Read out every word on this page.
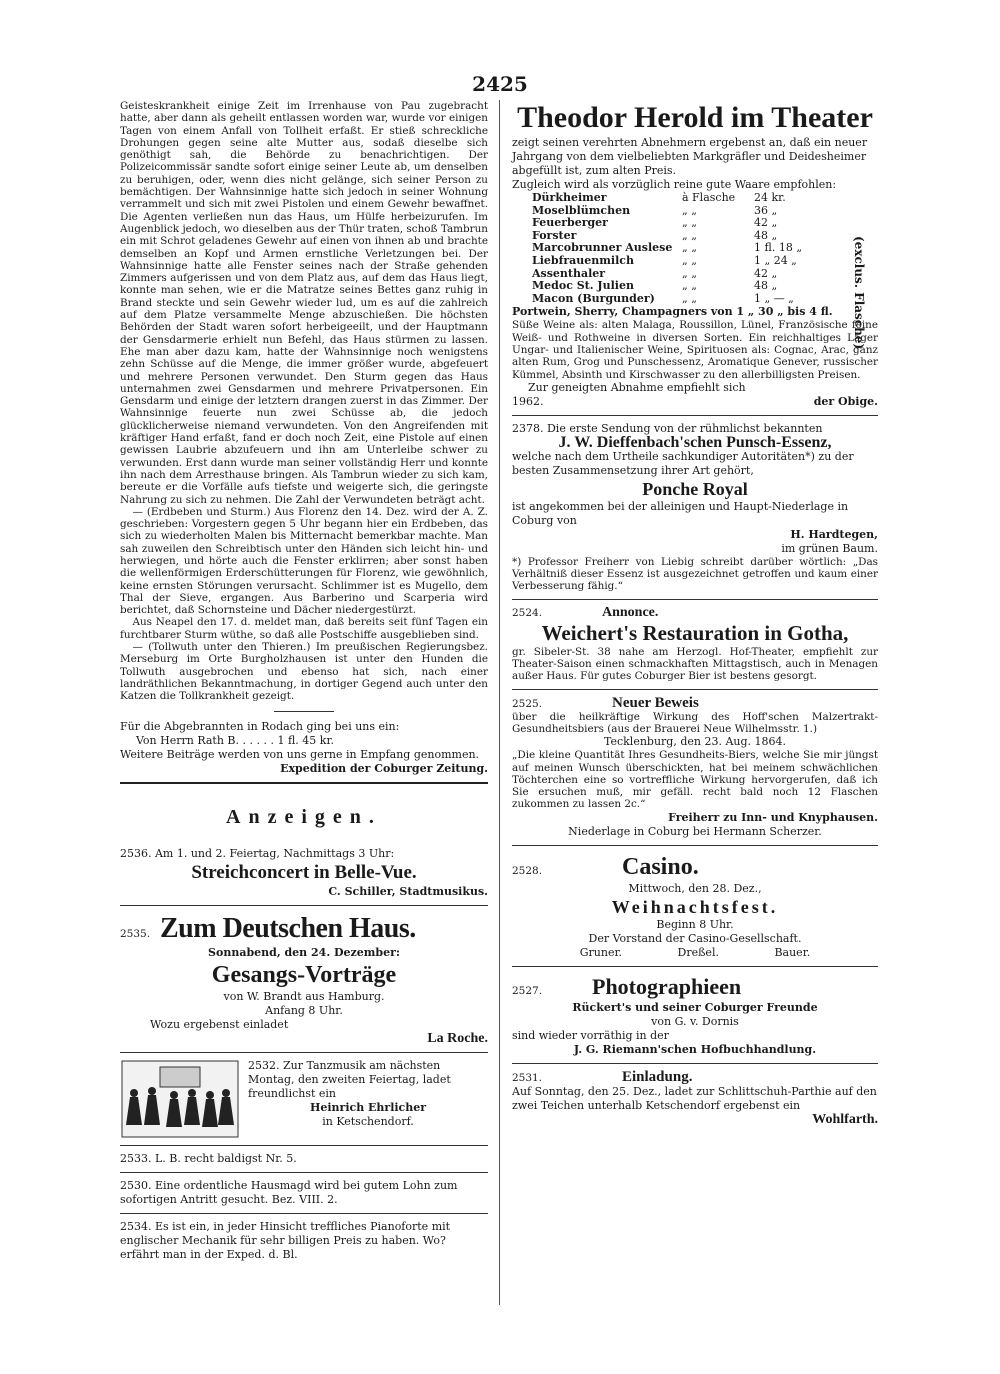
2425

Geisteskrankheit einige Zeit im Irrenhause von Pau zugebracht hatte, aber dann als geheilt entlassen worden war, wurde vor einigen Tagen von einem Anfall von Tollheit erfaßt. Er stieß schreckliche Drohungen gegen seine alte Mutter aus, sodaß dieselbe sich genöthigt sah, die Behörde zu benachrichtigen. Der Polizeicommissär sandte sofort einige seiner Leute ab, um denselben zu beruhigen, oder, wenn dies nicht gelänge, sich seiner Person zu bemächtigen. Der Wahnsinnige hatte sich jedoch in seiner Wohnung verrammelt und sich mit zwei Pistolen und einem Gewehr bewaffnet. Die Agenten verließen nun das Haus, um Hülfe herbeizurufen. Im Augenblick jedoch, wo dieselben aus der Thür traten, schoß Tambrun ein mit Schrot geladenes Gewehr auf einen von ihnen ab und brachte demselben an Kopf und Armen ernstliche Verletzungen bei. Der Wahnsinnige hatte alle Fenster seines nach der Straße gehenden Zimmers aufgerissen und von dem Platz aus, auf dem das Haus liegt, konnte man sehen, wie er die Matratze seines Bettes ganz ruhig in Brand steckte und sein Gewehr wieder lud, um es auf die zahlreich auf dem Platze versammelte Menge abzuschießen. Die höchsten Behörden der Stadt waren sofort herbeigeeilt, und der Hauptmann der Gensdarmerie erhielt nun Befehl, das Haus stürmen zu lassen. Ehe man aber dazu kam, hatte der Wahnsinnige noch wenigstens zehn Schüsse auf die Menge, die immer größer wurde, abgefeuert und mehrere Personen verwundet. Den Sturm gegen das Haus unternahmen zwei Gensdarmen und mehrere Privatpersonen. Ein Gensdarm und einige der letztern drangen zuerst in das Zimmer. Der Wahnsinnige feuerte nun zwei Schüsse ab, die jedoch glücklicherweise niemand verwundeten. Von den Angreifenden mit kräftiger Hand erfaßt, fand er doch noch Zeit, eine Pistole auf einen gewissen Laubrie abzufeuern und ihn am Unterleibe schwer zu verwunden. Erst dann wurde man seiner vollständig Herr und konnte ihn nach dem Arresthause bringen. Als Tambrun wieder zu sich kam, bereute er die Vorfälle aufs tiefste und weigerte sich, die geringste Nahrung zu sich zu nehmen. Die Zahl der Verwundeten beträgt acht.

— (Erdbeben und Sturm.) Aus Florenz den 14. Dez. wird der A. Z. geschrieben: Vorgestern gegen 5 Uhr begann hier ein Erdbeben, das sich zu wiederholten Malen bis Mitternacht bemerkbar machte. Man sah zuweilen den Schreibtisch unter den Händen sich leicht hin- und herwiegen, und hörte auch die Fenster erklirren; aber sonst haben die wellenförmigen Erderschütterungen für Florenz, wie gewöhnlich, keine ernsten Störungen verursacht. Schlimmer ist es Mugello, dem Thal der Sieve, ergangen. Aus Barberino und Scarperia wird berichtet, daß Schornsteine und Dächer niedergestürzt.

Aus Neapel den 17. d. meldet man, daß bereits seit fünf Tagen ein furchtbarer Sturm wüthe, so daß alle Postschiffe ausgeblieben sind.

— (Tollwuth unter den Thieren.) Im preußischen Regierungsbez. Merseburg im Orte Burgholzhausen ist unter den Hunden die Tollwuth ausgebrochen und ebenso hat sich, nach einer landräthlichen Bekanntmachung, in dortiger Gegend auch unter den Katzen die Tollkrankheit gezeigt.

Für die Abgebrannten in Rodach ging bei uns ein:

Von Herrn Rath B. . . . . . 1 fl. 45 kr.

Weitere Beiträge werden von uns gerne in Empfang genommen.

Expedition der Coburger Zeitung.

Anzeigen.

2536. Am 1. und 2. Feiertag, Nachmittags 3 Uhr:

Streichconcert in Belle-Vue.

C. Schiller, Stadtmusikus.

2535. Zum Deutschen Haus.

Sonnabend, den 24. Dezember:

Gesangs-Vorträge

von W. Brandt aus Hamburg.

Anfang 8 Uhr.

Wozu ergebenst einladet

La Roche.

2532. Zur Tanzmusik am nächsten Montag, den zweiten Feiertag, ladet freundlichst ein

Heinrich Ehrlicher

in Ketschendorf.

2533. L. B. recht baldigst Nr. 5.

2530. Eine ordentliche Hausmagd wird bei gutem Lohn zum sofortigen Antritt gesucht. Bez. VIII. 2.

2534. Es ist ein, in jeder Hinsicht treffliches Pianoforte mit englischer Mechanik für sehr billigen Preis zu haben. Wo? erfährt man in der Exped. d. Bl.

Theodor Herold im Theater

zeigt seinen verehrten Abnehmern ergebenst an, daß ein neuer Jahrgang von dem vielbeliebten Markgräfler und Deidesheimer abgefüllt ist, zum alten Preis.

Zugleich wird als vorzüglich reine gute Waare empfohlen:

Dürkheimer	à Flasche	24 kr.
Moselblümchen	„ „	36 „
Feuerberger	„ „	42 „
Forster	„ „	48 „
Marcobrunner Auslese „ „	1 fl. 18 „
Liebfrauenmilch	„ „	1 „ 24 „
Assenthaler	„ „	42 „
Medoc St. Julien	„ „	48 „
Macon (Burgunder)	„ „	1 „ — „	(exclus. Flasche)

Portwein, Sherry, Champagners von 1 „ 30 „ bis 4 fl.

Süße Weine als: alten Malaga, Roussillon, Lünel, Französische feine Weiß- und Rothweine in diversen Sorten. Ein reichhaltiges Lager Ungar- und Italienischer Weine, Spirituosen als: Cognac, Arac, ganz alten Rum, Grog und Punschessenz, Aromatique Genever, russischer Kümmel, Absinth und Kirschwasser zu den allerbilligsten Preisen.

Zur geneigten Abnahme empfiehlt sich

1962.	der Obige.

2378. Die erste Sendung von der rühmlichst bekannten

J. W. Dieffenbach'schen Punsch-Essenz,

welche nach dem Urtheile sachkundiger Autoritäten*) zu der besten Zusammensetzung ihrer Art gehört,

Ponche Royal

ist angekommen bei der alleinigen und Haupt-Niederlage in Coburg von

H. Hardtegen,

im grünen Baum.

*) Professor Freiherr von Liebig schreibt darüber wörtlich: „Das Verhältniß dieser Essenz ist ausgezeichnet getroffen und kaum einer Verbesserung fähig.“

2524.	Annonce.

Weichert's Restauration in Gotha,

gr. Sibeler-St. 38 nahe am Herzogl. Hof-Theater, empfiehlt zur Theater-Saison einen schmackhaften Mittagstisch, auch in Menagen außer Haus. Für gutes Coburger Bier ist bestens gesorgt.

2525.	Neuer Beweis

über die heilkräftige Wirkung des Hoff'schen Malzertrakt-Gesundheitsbiers (aus der Brauerei Neue Wilhelmsstr. 1.)

Tecklenburg, den 23. Aug. 1864.

„Die kleine Quantität Ihres Gesundheits-Biers, welche Sie mir jüngst auf meinen Wunsch überschickten, hat bei meinem schwächlichen Töchterchen eine so vortreffliche Wirkung hervorgerufen, daß ich Sie ersuchen muß, mir gefäll. recht bald noch 12 Flaschen zukommen zu lassen 2c.“

Freiherr zu Inn- und Knyphausen.

Niederlage in Coburg bei Hermann Scherzer.

2528.	Casino.

Mittwoch, den 28. Dez.,

Weihnachtsfest.

Beginn 8 Uhr.

Der Vorstand der Casino-Gesellschaft.

Gruner.	Dreßel.	Bauer.
2527.	Photographieen

Rückert's und seiner Coburger Freunde

von G. v. Dornis

sind wieder vorräthig in der

J. G. Riemann'schen Hofbuchhandlung.

2531.	Einladung.

Auf Sonntag, den 25. Dez., ladet zur Schlittschuh-Parthie auf den zwei Teichen unterhalb Ketschendorf ergebenst ein

Wohlfarth.
